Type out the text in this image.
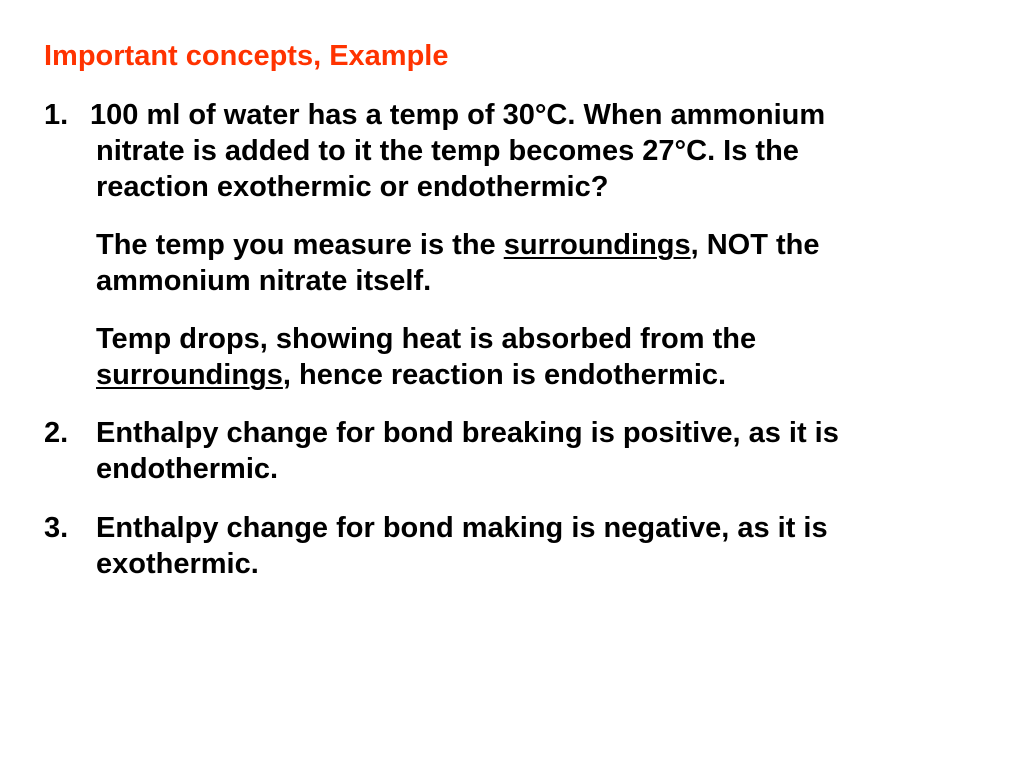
Important concepts, Example
1. 100 ml of water has a temp of 30°C. When ammonium
nitrate is added to it the temp becomes 27°C. Is the
reaction exothermic or endothermic?
The temp you measure is the surroundings, NOT the
ammonium nitrate itself.
Temp drops, showing heat is absorbed from the
surroundings, hence reaction is endothermic.
2. Enthalpy change for bond breaking is positive, as it is
endothermic.
3. Enthalpy change for bond making is negative, as it is
exothermic.
